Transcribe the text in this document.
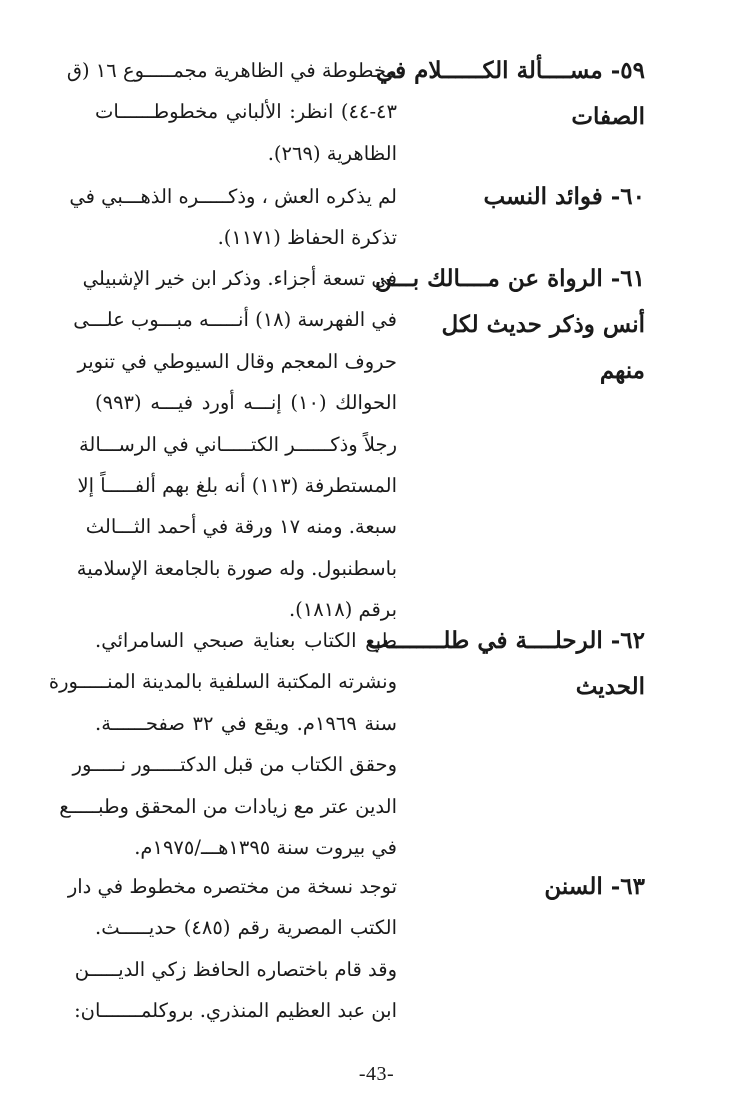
٥٩- مســــألة الكــــــلام في
الصفات
مخطوطة في الظاهرية مجمـــــوع ١٦ (ق
٤٣-٤٤) انظر: الألباني مخطوطــــــات
الظاهرية (٢٦٩).
٦٠- فوائد النسب
لم يذكره العش ، وذكـــــره الذهـــبي في
تذكرة الحفاظ (١١٧١).
٦١- الرواة عن مــــالك بـــن
أنس وذكر حديث لكل
منهم
في تسعة أجزاء. وذكر ابن خير الإشبيلي
في الفهرسة (١٨) أنـــــه مبـــوب علـــى
حروف المعجم وقال السيوطي في تنوير
الحوالك (١٠) إنـــه أورد فيـــه (٩٩٣)
رجلاً وذكــــــر الكتـــــاني في الرســـالة
المستطرفة (١١٣) أنه بلغ بهم ألفـــــاً إلا
سبعة. ومنه ١٧ ورقة في أحمد الثـــالث
باسطنبول. وله صورة بالجامعة الإسلامية
برقم (١٨١٨).
٦٢- الرحلــــة في طلــــــــب
الحديث
طبع الكتاب بعناية صبحي السامرائي.
ونشرته المكتبة السلفية بالمدينة المنـــــورة
سنة ١٩٦٩م. ويقع في ٣٢ صفحــــــة.
وحقق الكتاب من قبل الدكتـــــور نـــــور
الدين عتر مع زيادات من المحقق وطبـــــع
في بيروت سنة ١٣٩٥هـــ/١٩٧٥م.
٦٣- السنن
توجد نسخة من مختصره مخطوط في دار
الكتب المصرية رقم (٤٨٥) حديـــــث.
وقد قام باختصاره الحافظ زكي الديـــــن
ابن عبد العظيم المنذري. بروكلمـــــــان:
-43-
